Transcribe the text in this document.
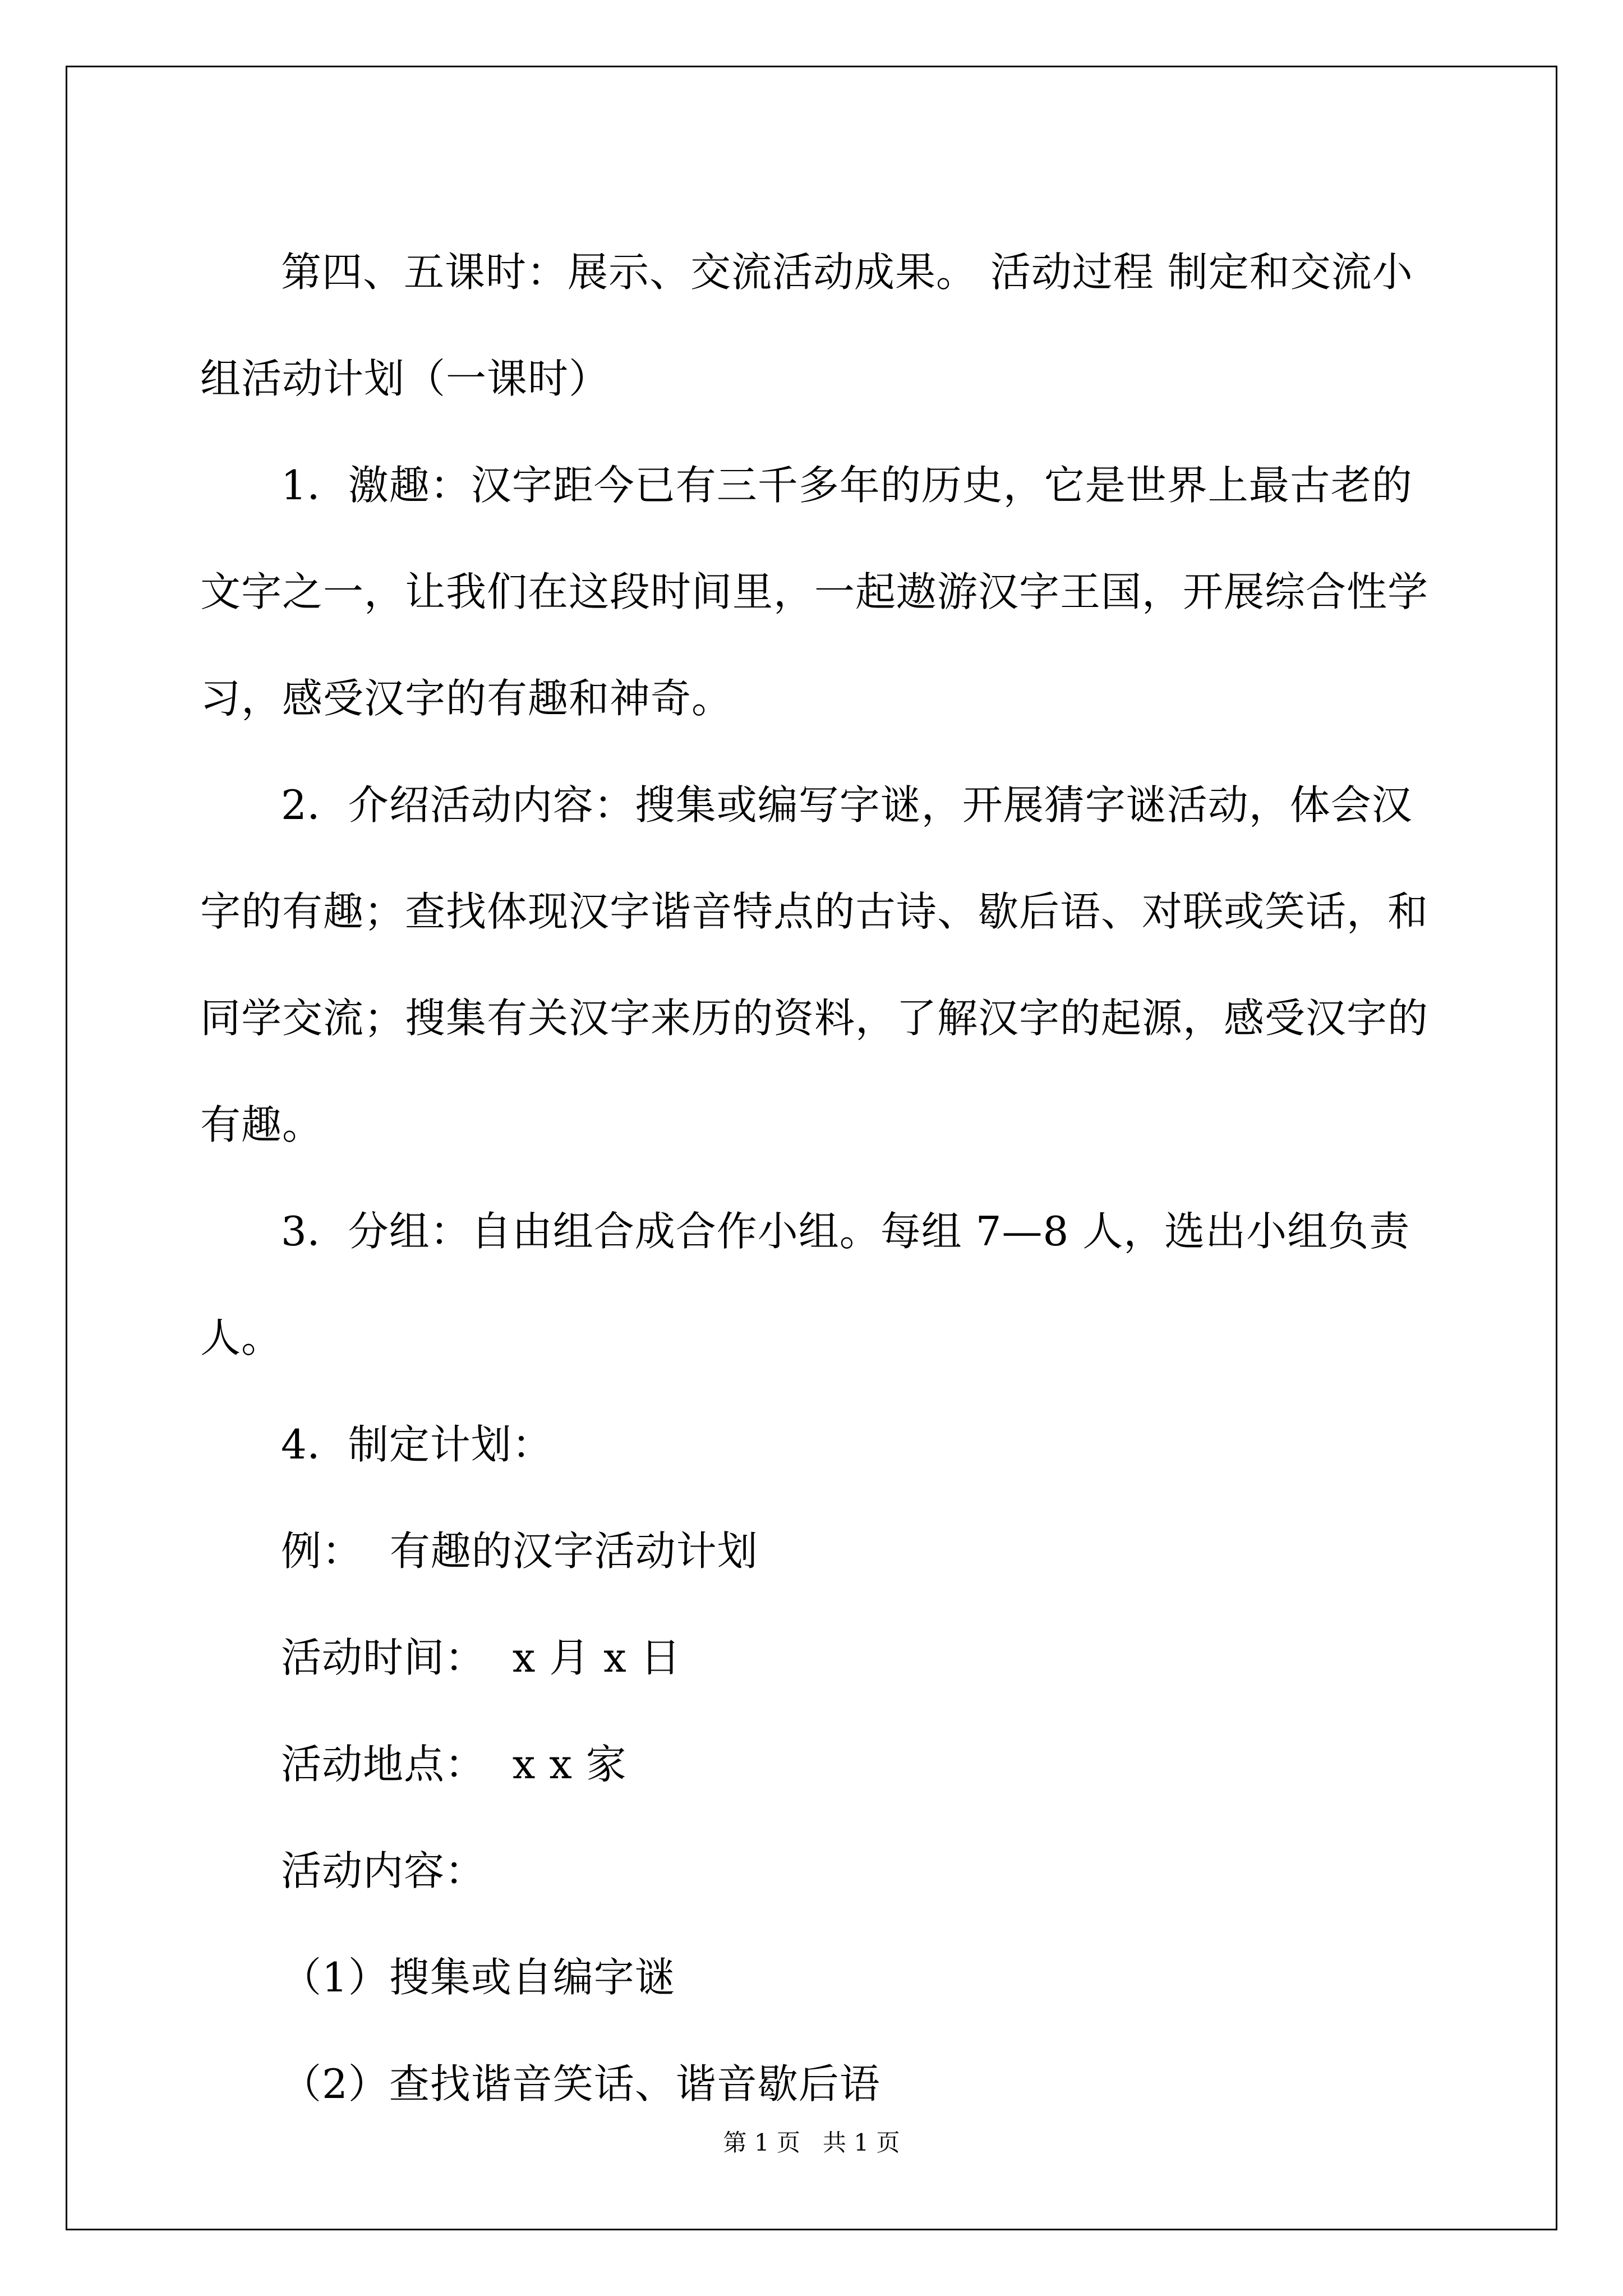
第四、五课时：展示、交流活动成果。 活动过程 制定和交流小组活动计划（一课时）

1．激趣：汉字距今已有三千多年的历史，它是世界上最古老的文字之一，让我们在这段时间里，一起遨游汉字王国，开展综合性学习，感受汉字的有趣和神奇。

2．介绍活动内容：搜集或编写字谜，开展猜字谜活动，体会汉字的有趣；查找体现汉字谐音特点的古诗、歇后语、对联或笑话，和同学交流；搜集有关汉字来历的资料，了解汉字的起源，感受汉字的有趣。

3．分组：自由组合成合作小组。每组 7—8 人，选出小组负责人。

4．制定计划：

例：  有趣的汉字活动计划

活动时间：  x 月 x 日

活动地点：  x x 家

活动内容：

（1）搜集或自编字谜

（2）查找谐音笑话、谐音歇后语

第 1 页   共 1 页
